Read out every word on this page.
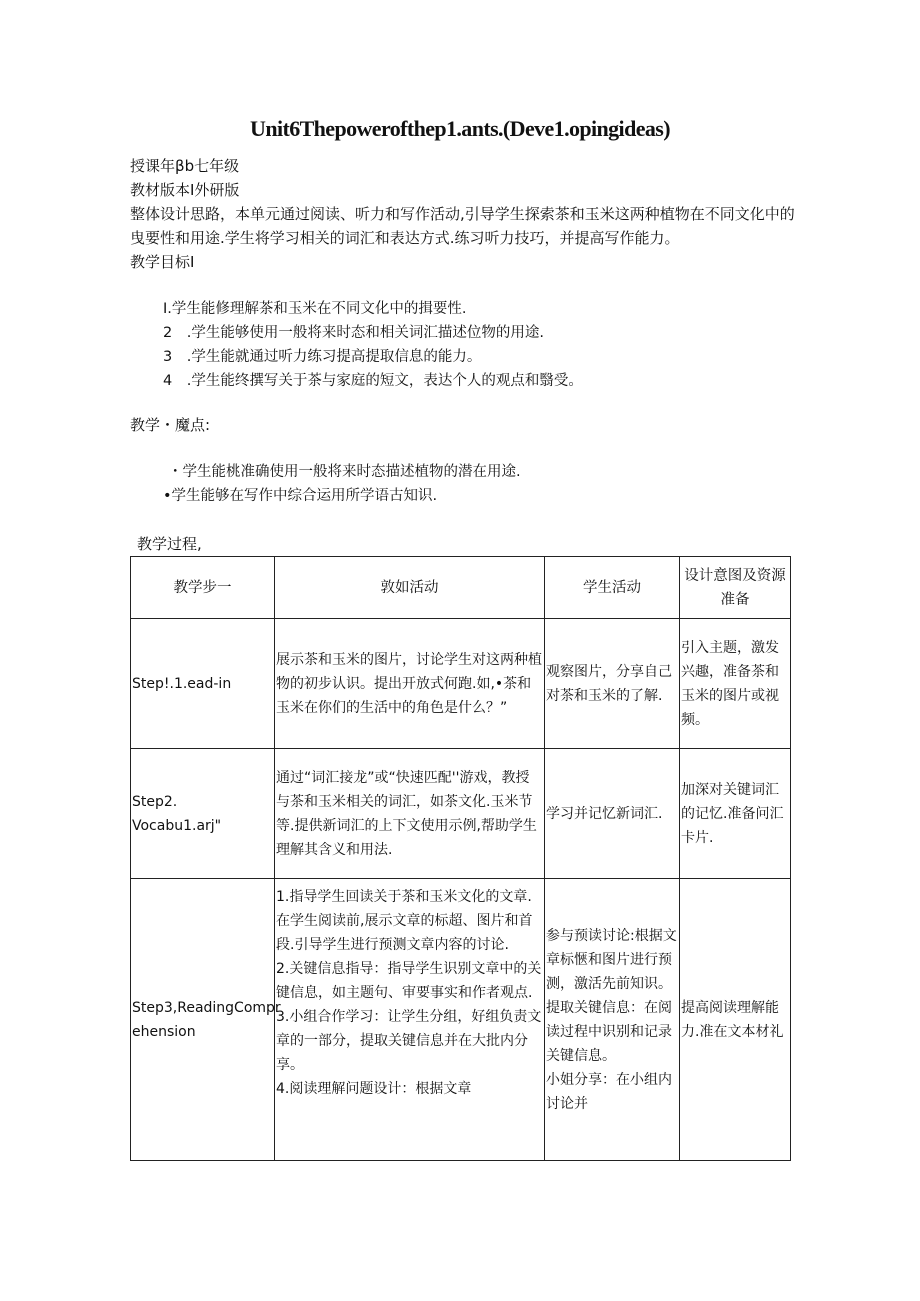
Unit6Thepowerofthep1.ants.(Deve1.opingideas)
授课年βb七年级
教材版本I外研版
整体设计思路，本单元通过阅读、听力和写作活动,引导学生探索茶和玉米这两种植物在不同文化中的曳要性和用途.学生将学习相关的词汇和表达方式.练习听力技巧，并提高写作能力。
教学目标I
I.学生能修理解茶和玉米在不同文化中的揖要性.
2　.学生能够使用一般将来时态和相关词汇描述位物的用途.
3　.学生能就通过听力练习提高提取信息的能力。
4　.学生能终撰写关于茶与家庭的短文，表达个人的观点和翳受。
教学・魔点:
・学生能桃准确使用一般将来时态描述植物的潜在用途.
•学生能够在写作中综合运用所学语古知识.
教学过程,
教学步一	敦如活动	学生活动	设计意图及资源准备
Step!.1.ead-in	展示茶和玉米的图片，讨论学生对这两种植物的初步认识。提出开放式何跑.如,•茶和玉米在你们的生活中的角色是什么？”	观察图片，分享自己对茶和玉米的了解.	引入主题，激发兴趣，准备茶和玉米的图片或视频。
Step2.
Vocabu1.arj"	通过“词汇接龙”或“快速匹配''游戏，教授与茶和玉米相关的词汇，如茶文化.玉米节等.提供新词汇的上下文使用示例,帮助学生理解其含义和用法.	学习并记忆新词汇.	加深对关键词汇的记忆.准备问汇卡片.
Step3,ReadingCompr
ehension	1.指导学生回读关于茶和玉米文化的文章.在学生阅读前,展示文章的标超、图片和首段.引导学生进行预测文章内容的讨论.
2.关键信息指导：指导学生识别文章中的关键信息，如主题句、审要事实和作者观点.
3.小组合作学习：让学生分组，好组负责文章的一部分，提取关键信息并在大批内分享。
4.阅读理解问题设计：根据文章	参与预读讨论:根据文章标愜和图片进行预测，激活先前知识。
提取关键信息：在阅读过程中识别和记录关键信息。
小姐分享：在小组内讨论并	提高阅读理解能力.准在文本材礼
